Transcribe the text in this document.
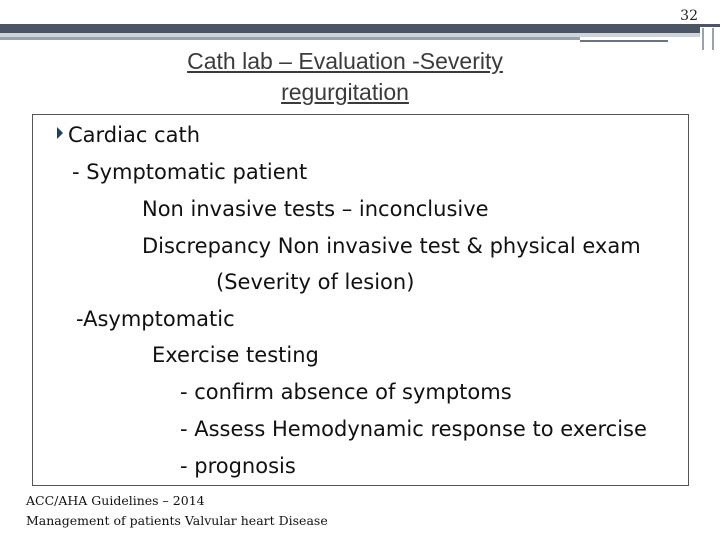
32
Cath lab – Evaluation -Severity
regurgitation
Cardiac cath
- Symptomatic patient
Non invasive tests – inconclusive
Discrepancy Non invasive test & physical exam
(Severity of lesion)
-Asymptomatic
Exercise testing
- confirm absence of symptoms
- Assess Hemodynamic response to exercise
- prognosis
ACC/AHA Guidelines – 2014
Management of patients Valvular heart Disease
